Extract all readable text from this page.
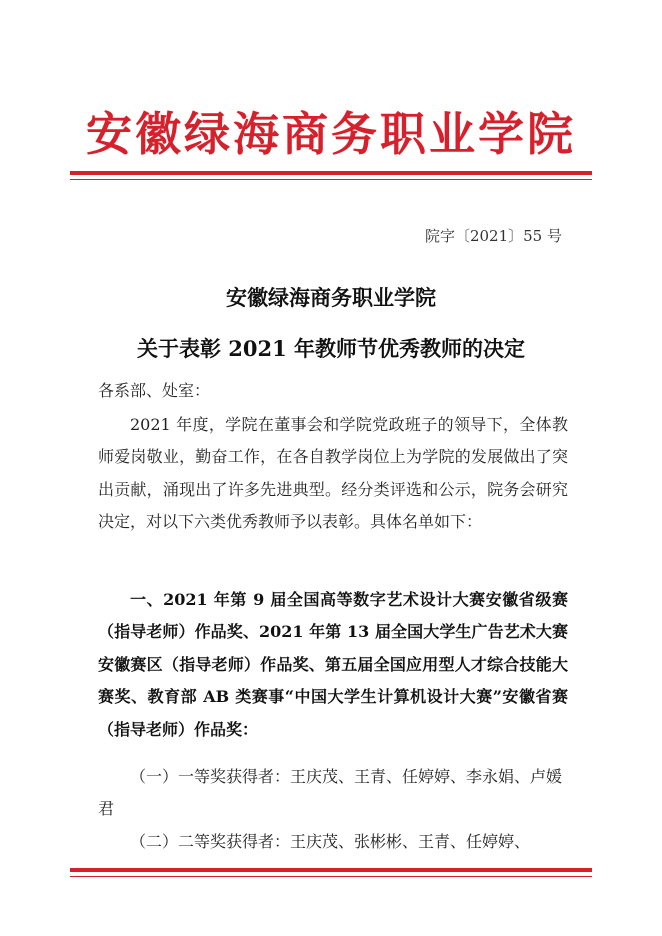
安徽绿海商务职业学院
院字〔2021〕55 号
安徽绿海商务职业学院
关于表彰 2021 年教师节优秀教师的决定
各系部、处室：

2021 年度，学院在董事会和学院党政班子的领导下，全体教师爱岗敬业，勤奋工作，在各自教学岗位上为学院的发展做出了突出贡献，涌现出了许多先进典型。经分类评选和公示，院务会研究决定，对以下六类优秀教师予以表彰。具体名单如下：

一、2021 年第 9 届全国高等数字艺术设计大赛安徽省级赛（指导老师）作品奖、2021 年第 13 届全国大学生广告艺术大赛安徽赛区（指导老师）作品奖、第五届全国应用型人才综合技能大赛奖、教育部 AB 类赛事“中国大学生计算机设计大赛”安徽省赛（指导老师）作品奖：

（一）一等奖获得者：王庆茂、王青、任婷婷、李永娟、卢媛君

（二）二等奖获得者：王庆茂、张彬彬、王青、任婷婷、
